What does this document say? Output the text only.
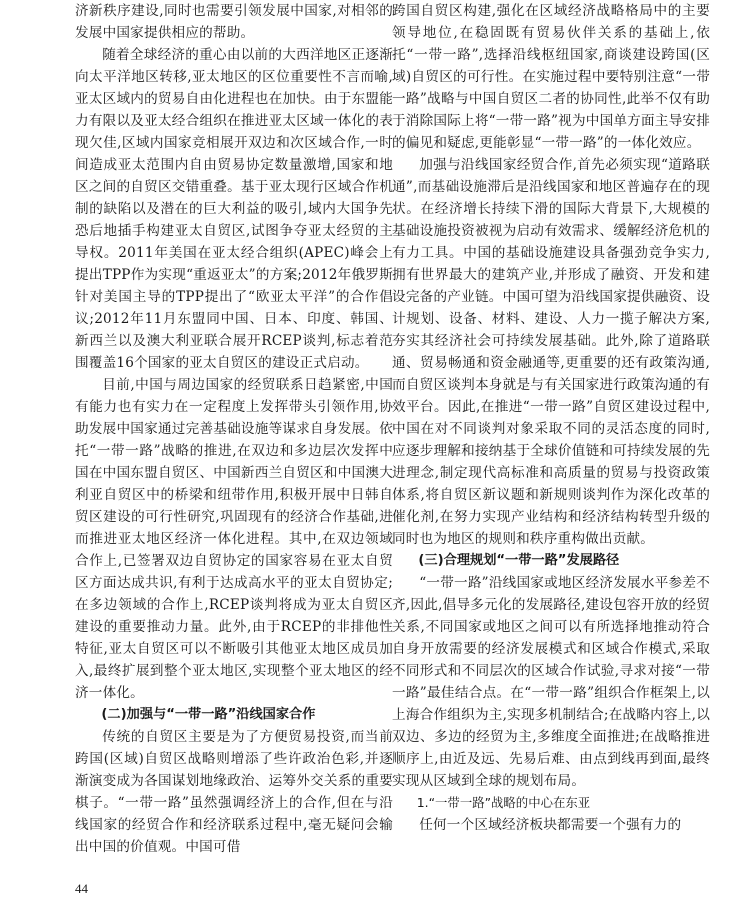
济新秩序建设,同时也需要引领发展中国家,对相邻的发展中国家提供相应的帮助。

随着全球经济的重心由以前的大西洋地区正逐渐向太平洋地区转移,亚太地区的区位重要性不言而喻,亚太区域内的贸易自由化进程也在加快。由于东盟能力有限以及亚太经合组织在推进亚太区域一体化的表现欠佳,区域内国家竞相展开双边和次区域合作,一时间造成亚太范围内自由贸易协定数量激增,国家和地区之间的自贸区交错重叠。基于亚太现行区域合作机制的缺陷以及潜在的巨大利益的吸引,域内大国争先恐后地插手构建亚太自贸区,试图争夺亚太经贸的主导权。2011年美国在亚太经合组织(APEC)峰会上提出TPP作为实现“重返亚太”的方案;2012年俄罗斯针对美国主导的TPP提出了“欧亚太平洋”的合作倡议;2012年11月东盟同中国、日本、印度、韩国、新西兰以及澳大利亚联合展开RCEP谈判,标志着范围覆盖16个国家的亚太自贸区的建设正式启动。

目前,中国与周边国家的经贸联系日趋紧密,中国有能力也有实力在一定程度上发挥带头引领作用,协助发展中国家通过完善基础设施等谋求自身发展。依托“一带一路”战略的推进,在双边和多边层次发挥中国在中国东盟自贸区、中国新西兰自贸区和中国澳大利亚自贸区中的桥梁和纽带作用,积极开展中日韩自贸区建设的可行性研究,巩固现有的经济合作基础,进而推进亚太地区经济一体化进程。其中,在双边领域合作上,已签署双边自贸协定的国家容易在亚太自贸区方面达成共识,有利于达成高水平的亚太自贸协定;在多边领域的合作上,RCEP谈判将成为亚太自贸区建设的重要推动力量。此外,由于RCEP的非排他性特征,亚太自贸区可以不断吸引其他亚太地区成员加入,最终扩展到整个亚太地区,实现整个亚太地区的经济一体化。

(二)加强与“一带一路”沿线国家合作

传统的自贸区主要是为了方便贸易投资,而当前跨国(区域)自贸区战略则增添了些许政治色彩,并逐渐演变成为各国谋划地缘政治、运筹外交关系的重要棋子。“一带一路”虽然强调经济上的合作,但在与沿线国家的经贸合作和经济联系过程中,毫无疑问会输出中国的价值观。中国可借

跨国自贸区构建,强化在区域经济战略格局中的主要领导地位,在稳固既有贸易伙伴关系的基础上,依托“一带一路”,选择沿线枢纽国家,商谈建设跨国(区域)自贸区的可行性。在实施过程中要特别注意“一带一路”战略与中国自贸区二者的协同性,此举不仅有助于消除国际上将“一带一路”视为中国单方面主导安排的偏见和疑虑,更能彰显“一带一路”的一体化效应。

加强与沿线国家经贸合作,首先必须实现“道路联通”,而基础设施滞后是沿线国家和地区普遍存在的现状。在经济增长持续下滑的国际大背景下,大规模的基础设施投资被视为启动有效需求、缓解经济危机的有力工具。中国的基础设施建设具备强劲竞争实力,拥有世界最大的建筑产业,并形成了融资、开发和建设完备的产业链。中国可望为沿线国家提供融资、设计规划、设备、材料、建设、人力一揽子解决方案,夯实其经济社会可持续发展基础。此外,除了道路联通、贸易畅通和资金融通等,更重要的还有政策沟通,而自贸区谈判本身就是与有关国家进行政策沟通的有效平台。因此,在推进“一带一路”自贸区建设过程中,中国在对不同谈判对象采取不同的灵活态度的同时,应逐步理解和接纳基于全球价值链和可持续发展的先进理念,制定现代高标准和高质量的贸易与投资政策体系,将自贸区新议题和新规则谈判作为深化改革的催化剂,在努力实现产业结构和经济结构转型升级的同时也为地区的规则和秩序重构做出贡献。

(三)合理规划“一带一路”发展路径

“一带一路”沿线国家或地区经济发展水平参差不齐,因此,倡导多元化的发展路径,建设包容开放的经贸关系,不同国家或地区之间可以有所选择地推动符合自身开放需要的经济发展模式和区域合作模式,采取不同形式和不同层次的区域合作试验,寻求对接“一带一路”最佳结合点。在“一带一路”组织合作框架上,以上海合作组织为主,实现多机制结合;在战略内容上,以双边、多边的经贸为主,多维度全面推进;在战略推进顺序上,由近及远、先易后难、由点到线再到面,最终实现从区域到全球的规划布局。

1.“一带一路”战略的中心在东亚

任何一个区域经济板块都需要一个强有力的

44
